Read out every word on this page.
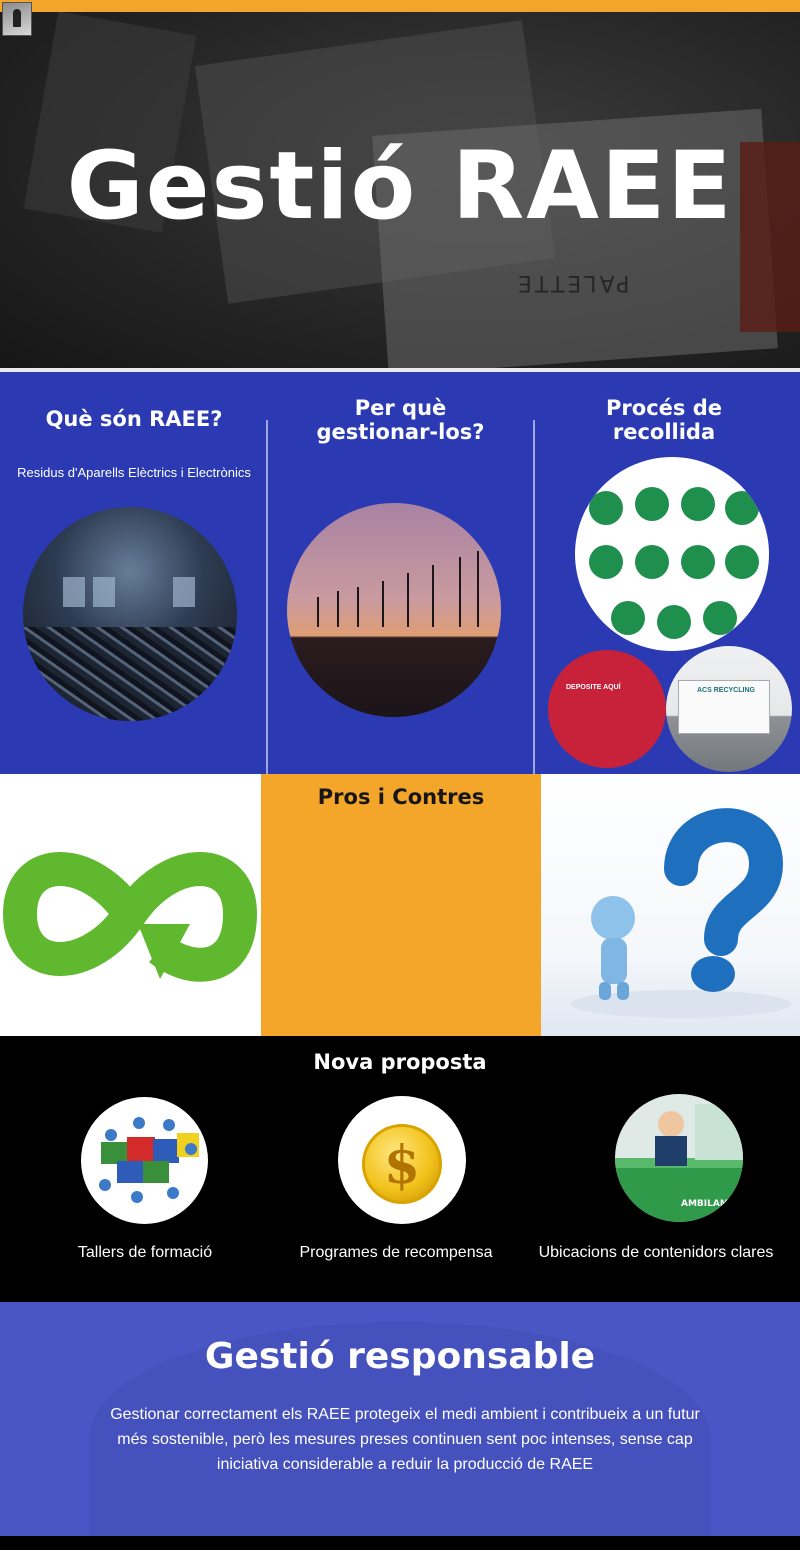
PALETTE
Gestió RAEE
Què són RAEE?
Residus d'Aparells Elèctrics i Electrònics
Per què
gestionar-los?
Procés de
recollida
DEPOSITE AQUÍ	ACS RECYCLING
Pros i Contres
Nova proposta
Tallers de formació
$
Programes de recompensa
AMBILAMP
Ubicacions de contenidors clares
Gestió responsable

Gestionar correctament els RAEE protegeix el medi ambient i contribueix a un futur més sostenible, però les mesures preses continuen sent poc intenses, sense cap iniciativa considerable a reduir la producció de RAEE
